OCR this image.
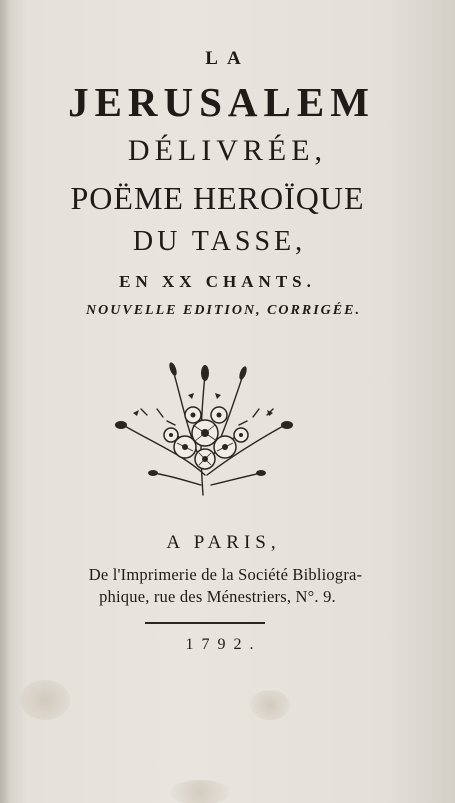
LA
JERUSALEM
DÉLIVRÉE,
POËME HEROÏQUE
DU TASSE,
EN XX CHANTS.
NOUVELLE EDITION, CORRIGÉE.
A PARIS,
De l'Imprimerie de la Société Bibliogra-
phique, rue des Ménestriers, N°. 9.
1792.
